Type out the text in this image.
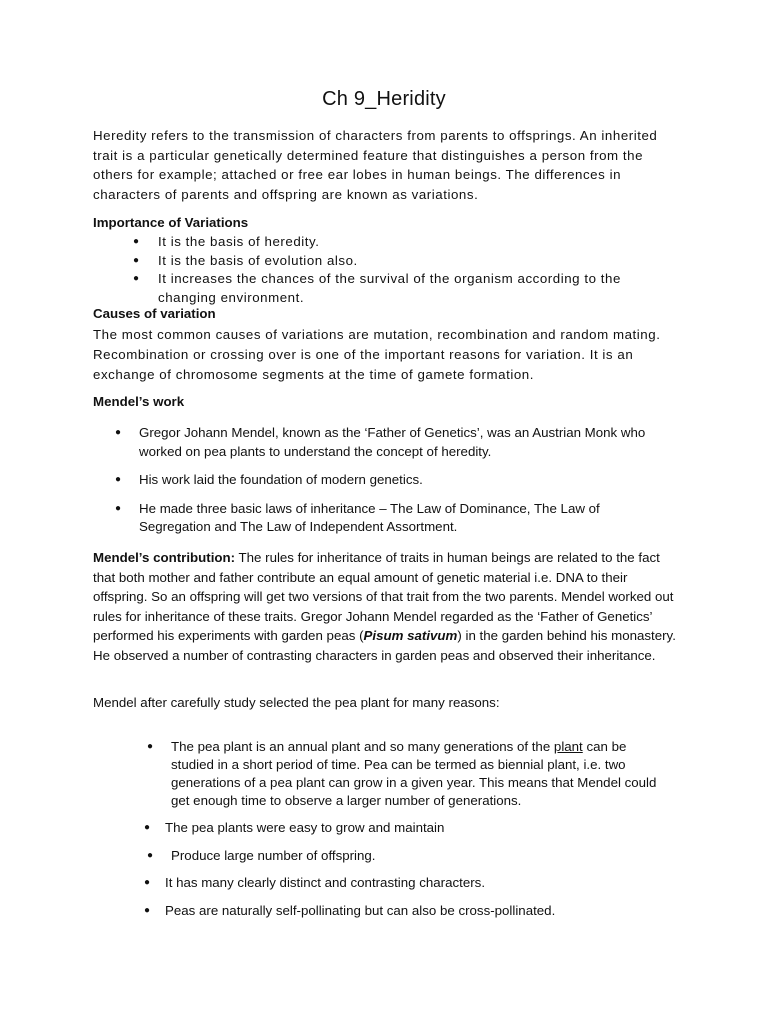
Ch 9_Heridity

Heredity refers to the transmission of characters from parents to offsprings. An inherited trait is a particular genetically determined feature that distinguishes a person from the others for example; attached or free ear lobes in human beings. The differences in characters of parents and offspring are known as variations.

Importance of Variations

● It is the basis of heredity.
● It is the basis of evolution also.
● It increases the chances of the survival of the organism according to the changing environment.

Causes of variation

The most common causes of variations are mutation, recombination and random mating. Recombination or crossing over is one of the important reasons for variation. It is an exchange of chromosome segments at the time of gamete formation.

Mendel’s work

● Gregor Johann Mendel, known as the ‘Father of Genetics’, was an Austrian Monk who worked on pea plants to understand the concept of heredity.
● His work laid the foundation of modern genetics.
● He made three basic laws of inheritance – The Law of Dominance, The Law of Segregation and The Law of Independent Assortment.

Mendel’s contribution: The rules for inheritance of traits in human beings are related to the fact that both mother and father contribute an equal amount of genetic material i.e. DNA to their offspring. So an offspring will get two versions of that trait from the two parents. Mendel worked out rules for inheritance of these traits. Gregor Johann Mendel regarded as the ‘Father of Genetics’ performed his experiments with garden peas (Pisum sativum) in the garden behind his monastery. He observed a number of contrasting characters in garden peas and observed their inheritance.

Mendel after carefully study selected the pea plant for many reasons:

● The pea plant is an annual plant and so many generations of the plant can be studied in a short period of time. Pea can be termed as biennial plant, i.e. two generations of a pea plant can grow in a given year. This means that Mendel could get enough time to observe a larger number of generations.
● The pea plants were easy to grow and maintain
● Produce large number of offspring.
● It has many clearly distinct and contrasting characters.
● Peas are naturally self-pollinating but can also be cross-pollinated.
